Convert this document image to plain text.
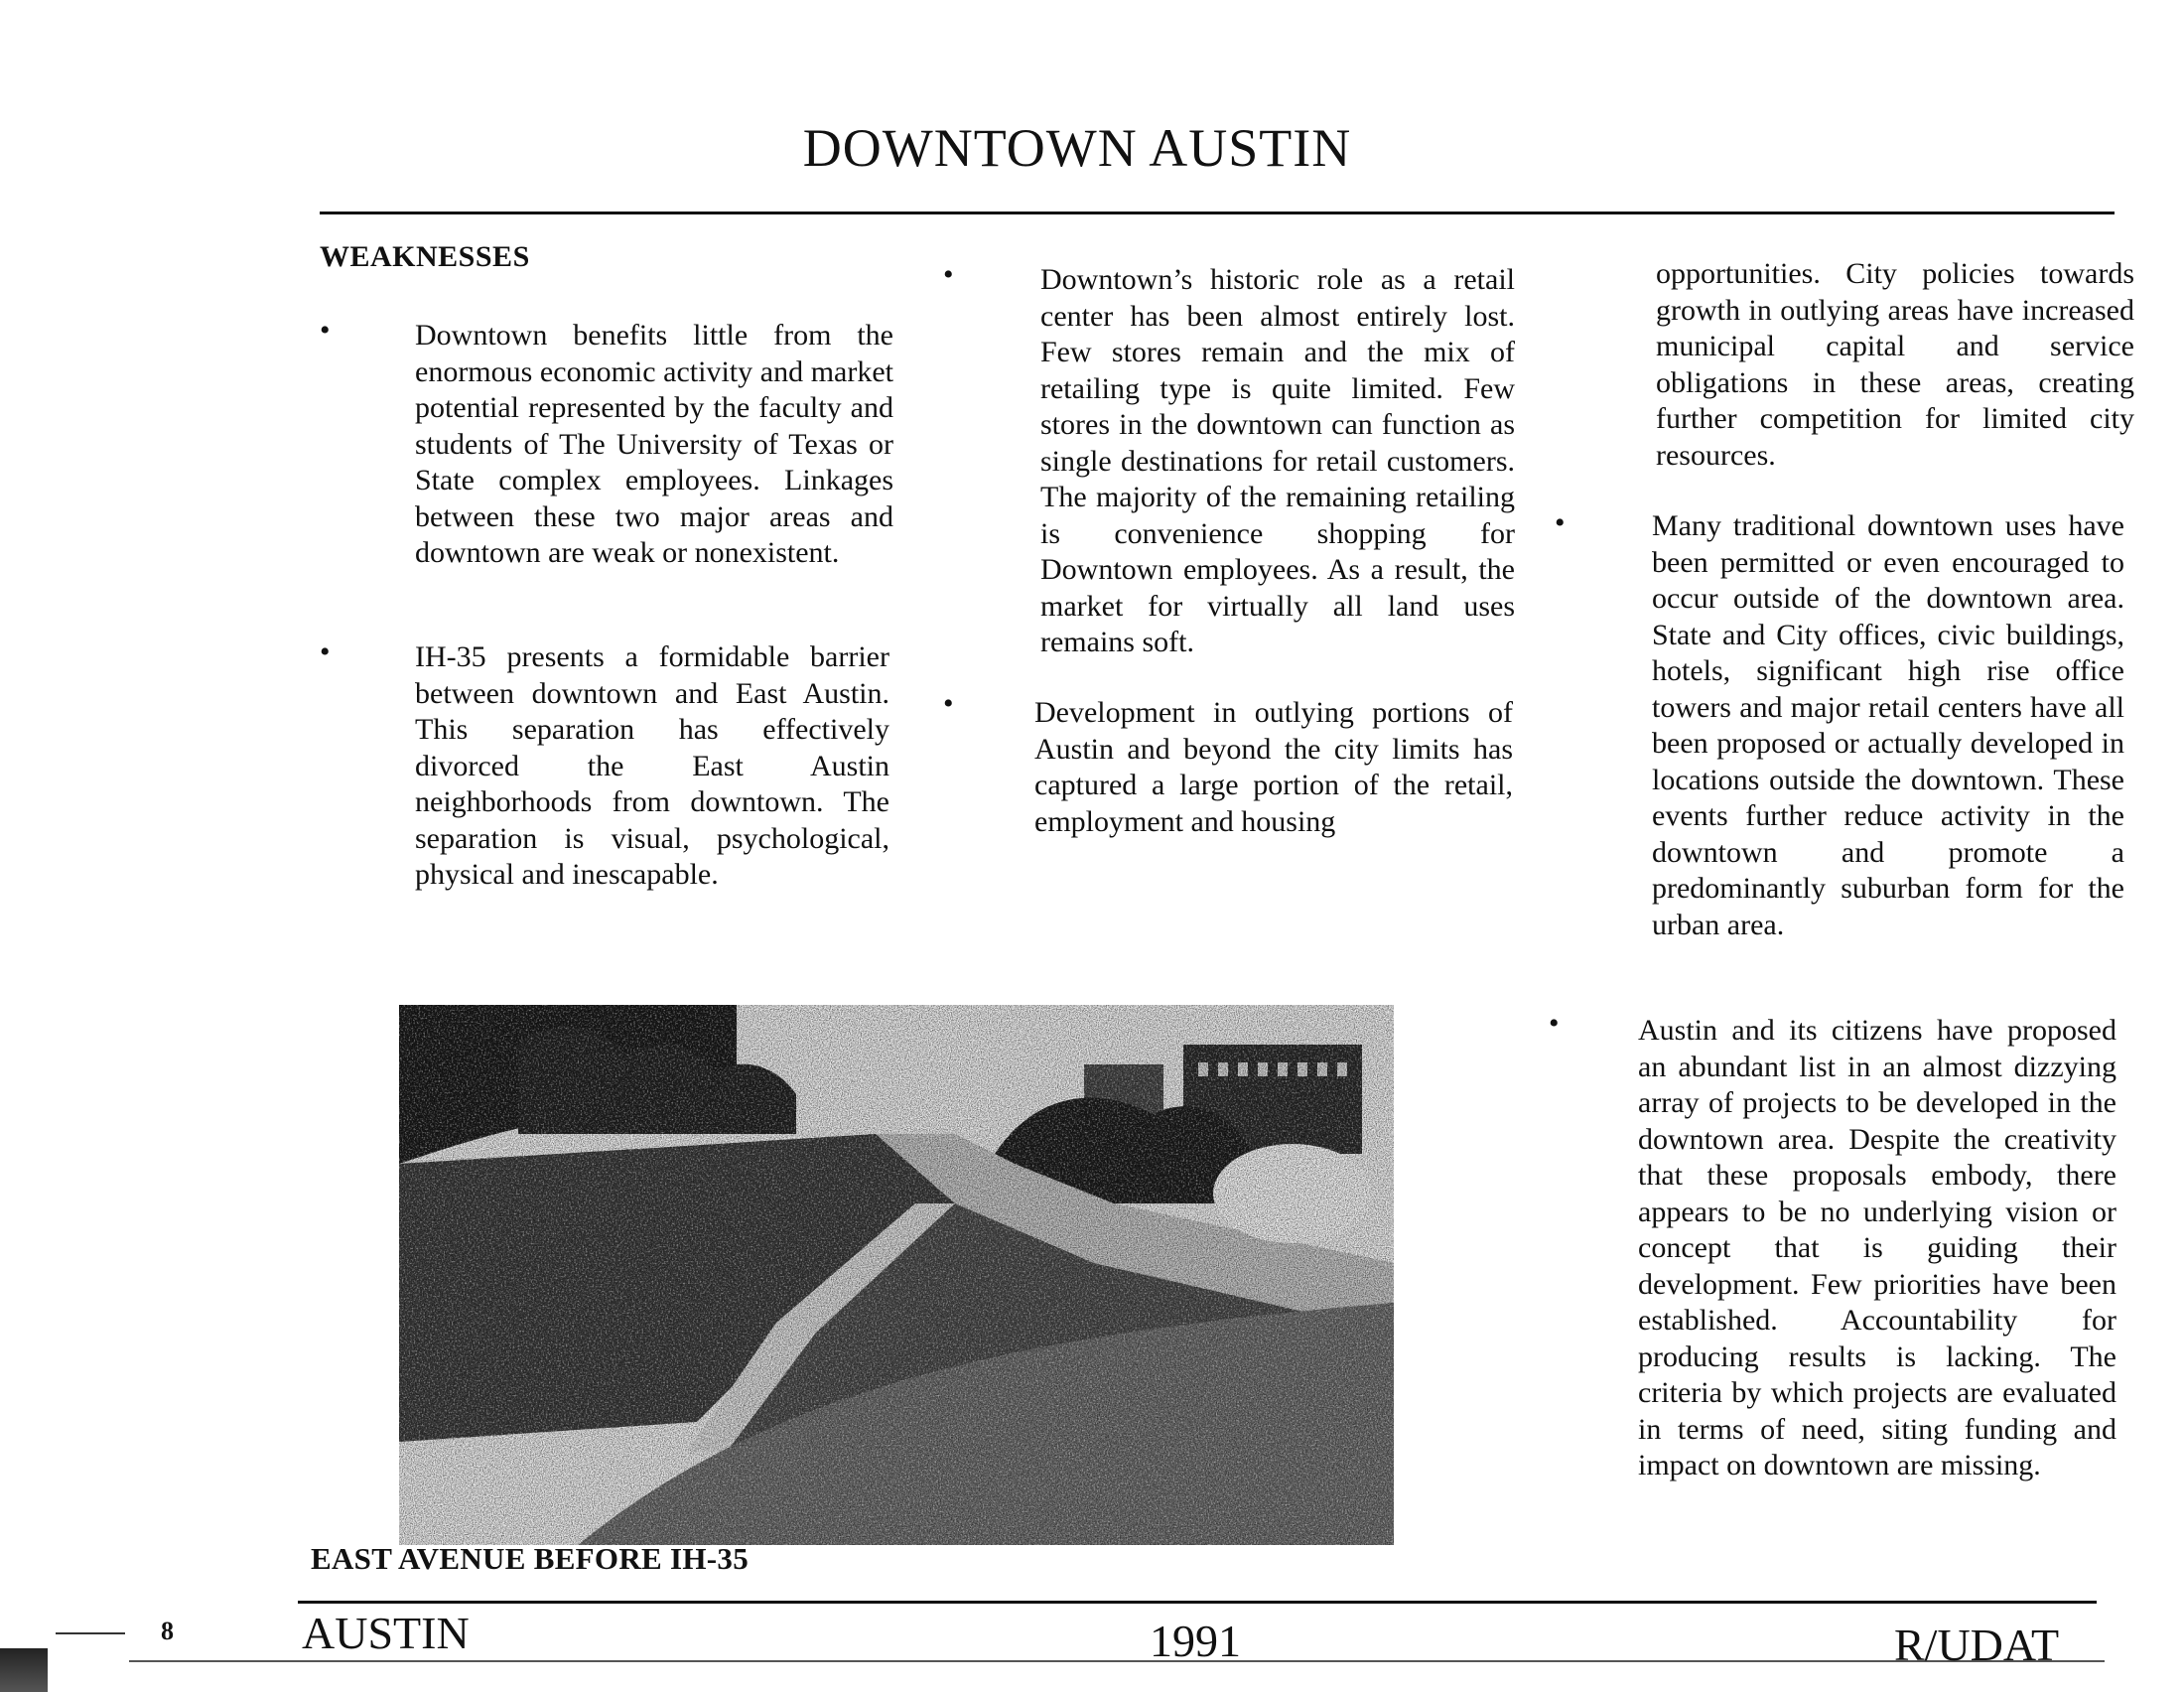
DOWNTOWN AUSTIN
WEAKNESSES
•	Downtown benefits little from the enormous economic activity and market potential represented by the faculty and students of The University of Texas or State complex employees. Linkages between these two major areas and downtown are weak or nonexistent.
•	IH-35 presents a formidable barrier between downtown and East Austin. This separation has effectively divorced the East Austin neighborhoods from downtown. The separation is visual, psychological, physical and inescapable.
•	Downtown’s historic role as a retail center has been almost entirely lost. Few stores remain and the mix of retailing type is quite limited. Few stores in the downtown can function as single destinations for retail customers. The majority of the remaining retailing is convenience shopping for Downtown employees. As a result, the market for virtually all land uses remains soft.
•	Development in outlying portions of Austin and beyond the city limits has captured a large portion of the retail, employment and housing
opportunities. City policies towards growth in outlying areas have increased municipal capital and service obligations in these areas, creating further competition for limited city resources.
•	Many traditional downtown uses have been permitted or even encouraged to occur outside of the downtown area. State and City offices, civic buildings, hotels, significant high rise office towers and major retail centers have all been proposed or actually developed in locations outside the downtown. These events further reduce activity in the downtown and promote a predominantly suburban form for the urban area.
•	Austin and its citizens have proposed an abundant list in an almost dizzying array of projects to be developed in the downtown area. Despite the creativity that these proposals embody, there appears to be no underlying vision or concept that is guiding their development. Few priorities have been established. Accountability for producing results is lacking. The criteria by which projects are evaluated in terms of need, siting funding and impact on downtown are missing.
EAST AVENUE BEFORE IH-35
8	AUSTIN	1991	R/UDAT
